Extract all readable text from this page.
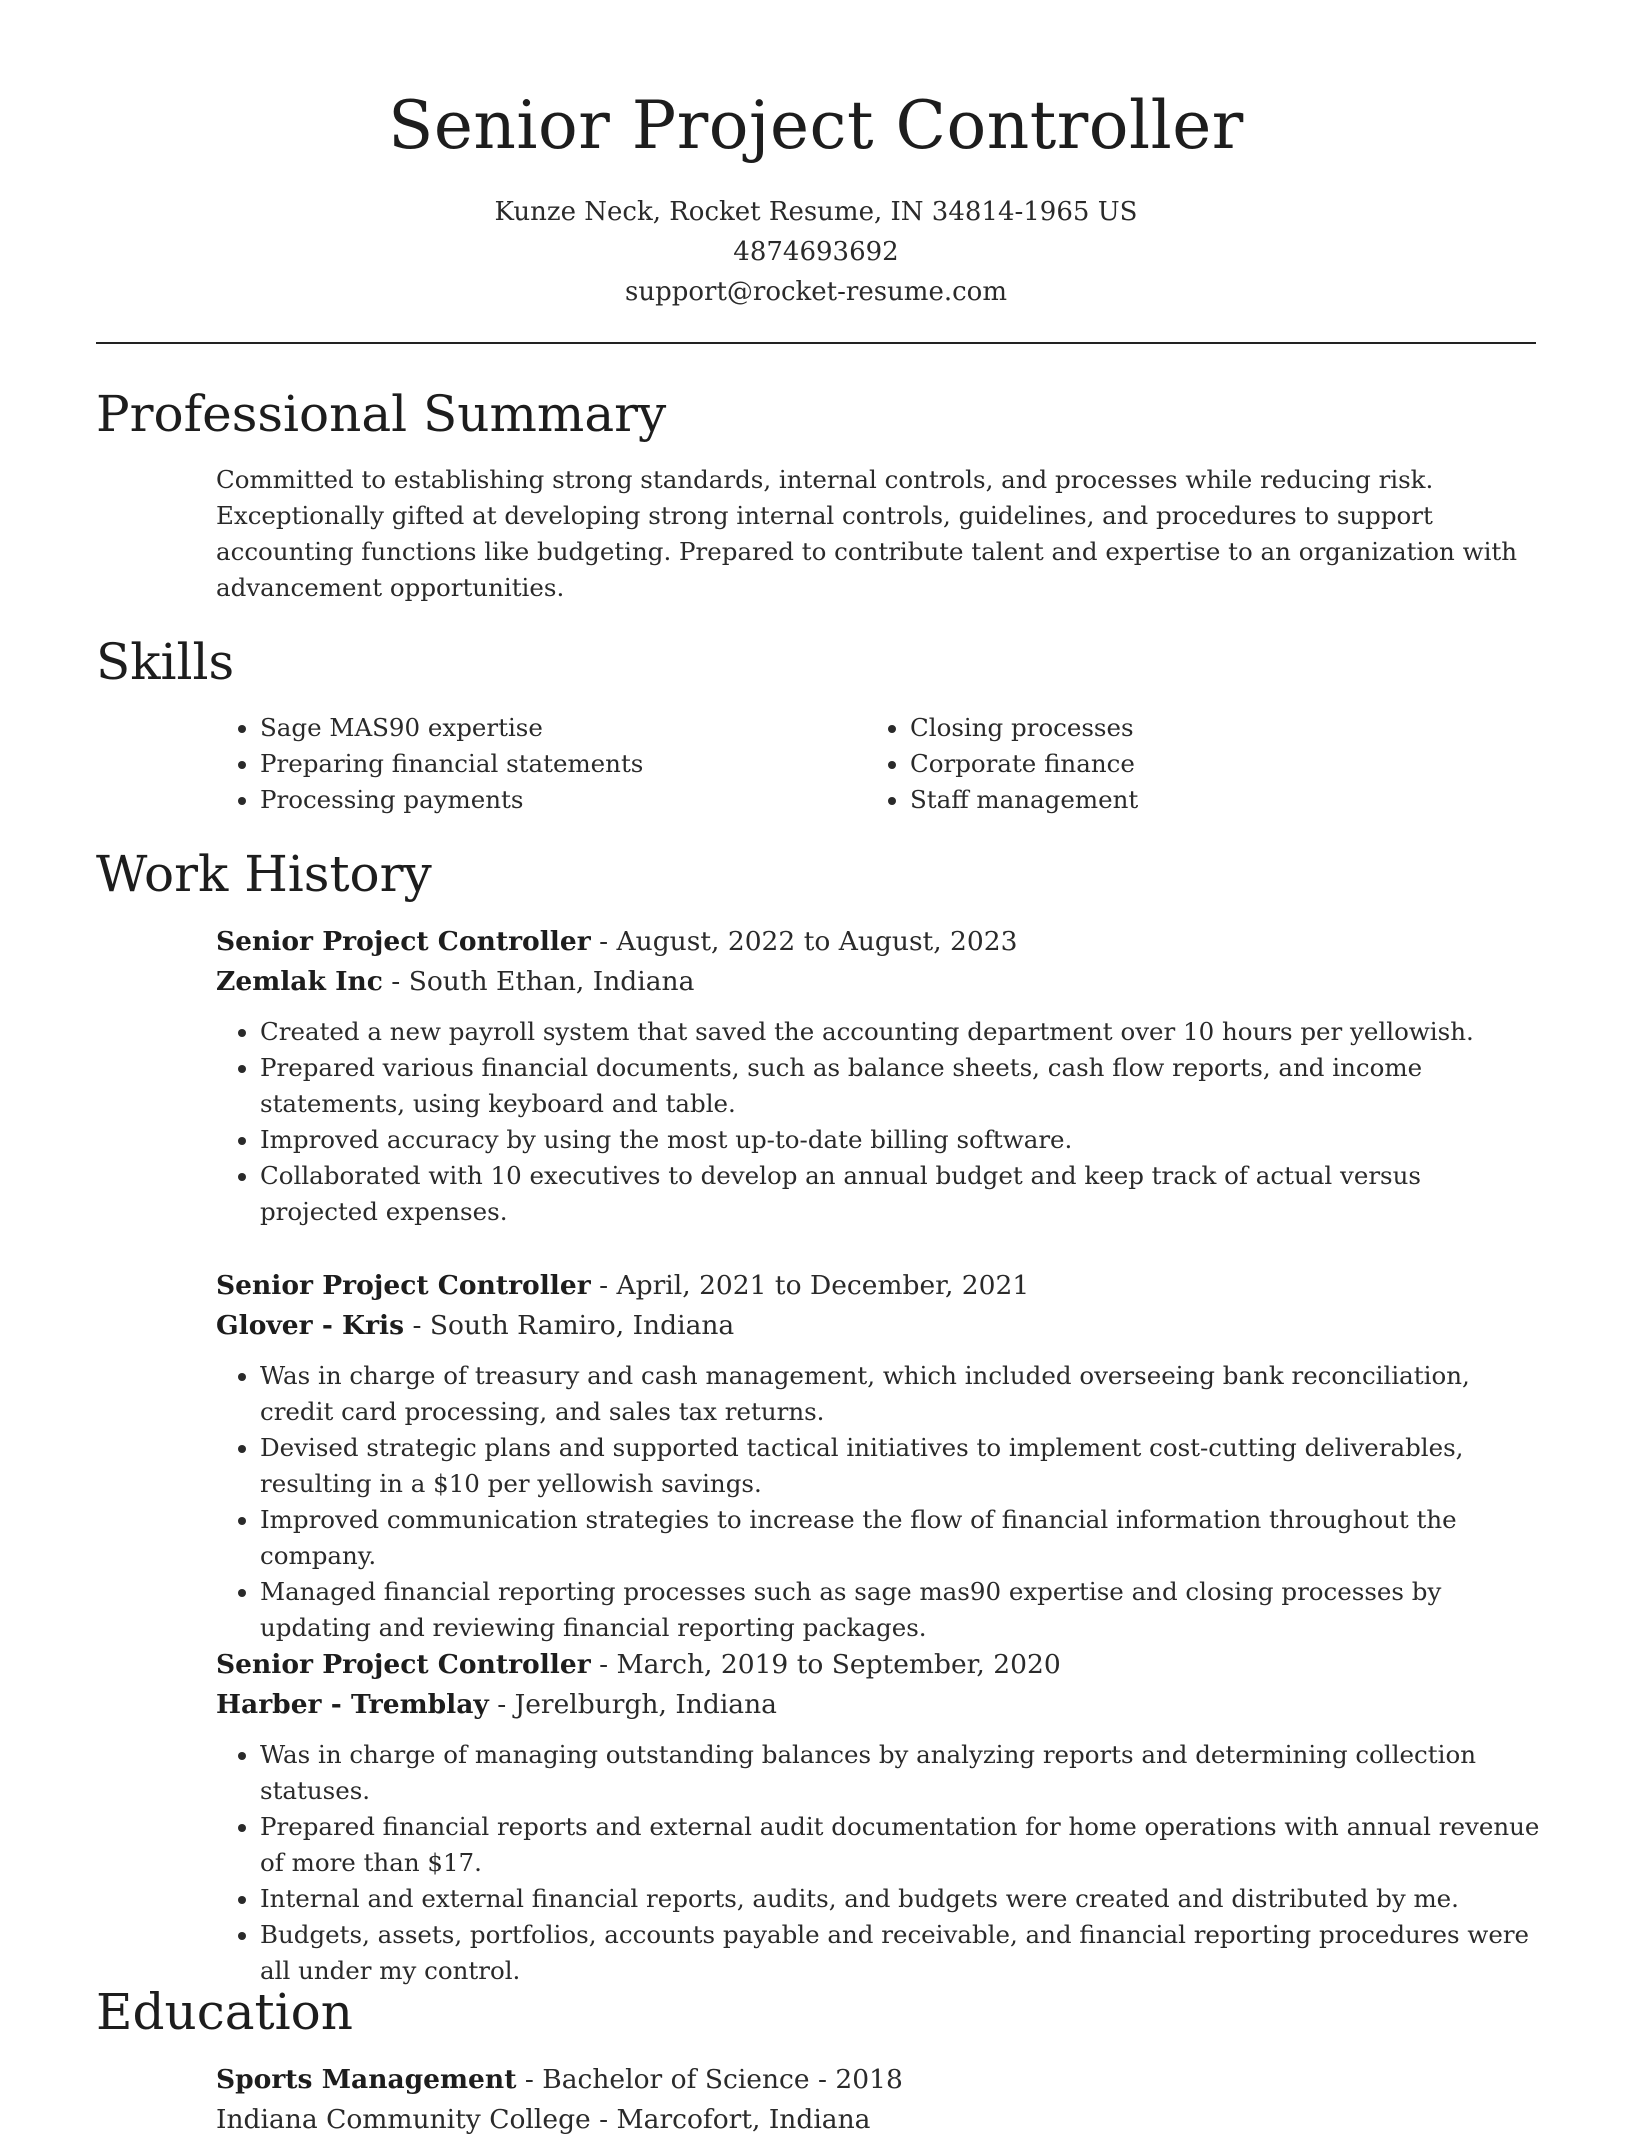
Senior Project Controller
Kunze Neck, Rocket Resume, IN 34814-1965 US
4874693692
support@rocket-resume.com
Professional Summary

Committed to establishing strong standards, internal controls, and processes while reducing risk. Exceptionally gifted at developing strong internal controls, guidelines, and procedures to support accounting functions like budgeting. Prepared to contribute talent and expertise to an organization with advancement opportunities.

Skills
• Sage MAS90 expertise
• Preparing financial statements
• Processing payments
• Closing processes
• Corporate finance
• Staff management
Work History
Senior Project Controller - August, 2022 to August, 2023
Zemlak Inc - South Ethan, Indiana
• Created a new payroll system that saved the accounting department over 10 hours per yellowish.
• Prepared various financial documents, such as balance sheets, cash flow reports, and income statements, using keyboard and table.
• Improved accuracy by using the most up-to-date billing software.
• Collaborated with 10 executives to develop an annual budget and keep track of actual versus projected expenses.
Senior Project Controller - April, 2021 to December, 2021
Glover - Kris - South Ramiro, Indiana
• Was in charge of treasury and cash management, which included overseeing bank reconciliation, credit card processing, and sales tax returns.
• Devised strategic plans and supported tactical initiatives to implement cost-cutting deliverables, resulting in a $10 per yellowish savings.
• Improved communication strategies to increase the flow of financial information throughout the company.
• Managed financial reporting processes such as sage mas90 expertise and closing processes by updating and reviewing financial reporting packages.
Senior Project Controller - March, 2019 to September, 2020
Harber - Tremblay - Jerelburgh, Indiana
• Was in charge of managing outstanding balances by analyzing reports and determining collection statuses.
• Prepared financial reports and external audit documentation for home operations with annual revenue of more than $17.
• Internal and external financial reports, audits, and budgets were created and distributed by me.
• Budgets, assets, portfolios, accounts payable and receivable, and financial reporting procedures were all under my control.
Education
Sports Management - Bachelor of Science - 2018
Indiana Community College - Marcofort, Indiana
